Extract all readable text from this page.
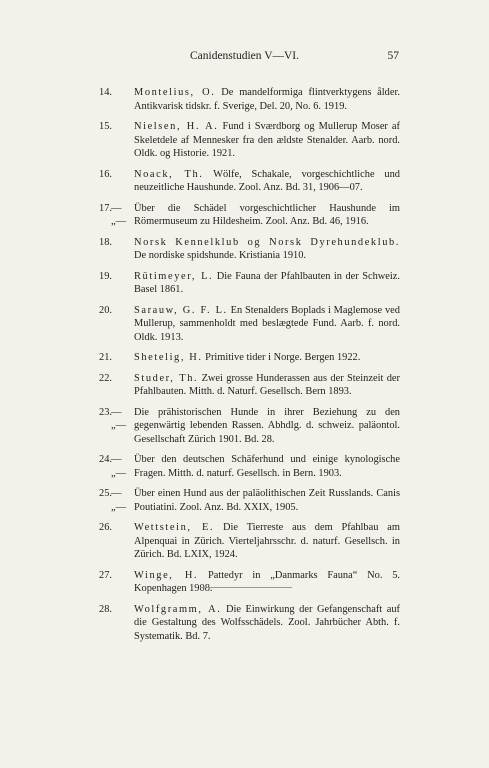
Canidenstudien V—VI.	57
14. Montelius, O. De mandelformiga flintverktygens ålder. Antikvarisk tidskr. f. Sverige, Del. 20, No. 6. 1919.
15. Nielsen, H. A. Fund i Sværdborg og Mullerup Moser af Skeletdele af Mennesker fra den ældste Stenalder. Aarb. nord. Oldk. og Historie. 1921.
16. Noack, Th. Wölfe, Schakale, vorgeschichtliche und neuzeitliche Haushunde. Zool. Anz. Bd. 31, 1906—07.
17. —„—
Über die Schädel vorgeschichtlicher Haushunde im Römermuseum zu Hildesheim. Zool. Anz. Bd. 46, 1916.
18. Norsk Kennelklub og Norsk Dyrehundeklub. De nordiske spidshunde. Kristiania 1910.
19. Rütimeyer, L. Die Fauna der Pfahlbauten in der Schweiz. Basel 1861.
20. Sarauw, G. F. L. En Stenalders Boplads i Maglemose ved Mullerup, sammenholdt med beslægtede Fund. Aarb. f. nord. Oldk. 1913.
21. Shetelig, H. Primitive tider i Norge. Bergen 1922.
22. Studer, Th. Zwei grosse Hunderassen aus der Steinzeit der Pfahlbauten. Mitth. d. Naturf. Gesellsch. Bern 1893.
23. —„—
Die prähistorischen Hunde in ihrer Beziehung zu den gegenwärtig lebenden Rassen. Abhdlg. d. schweiz. paläontol. Gesellschaft Zürich 1901. Bd. 28.
24. —„—
Über den deutschen Schäferhund und einige kynologische Fragen. Mitth. d. naturf. Gesellsch. in Bern. 1903.
25. —„—
Über einen Hund aus der paläolithischen Zeit Russlands. Canis Poutiatini. Zool. Anz. Bd. XXIX, 1905.
26. Wettstein, E. Die Tierreste aus dem Pfahlbau am Alpenquai in Zürich. Vierteljahrsschr. d. naturf. Gesellsch. in Zürich. Bd. LXIX, 1924.
27. Winge, H. Pattedyr in „Danmarks Fauna“ No. 5. Kopenhagen 1908.
28. Wolfgramm, A. Die Einwirkung der Gefangenschaft auf die Gestaltung des Wolfsschädels. Zool. Jahrbücher Abth. f. Systematik. Bd. 7.
